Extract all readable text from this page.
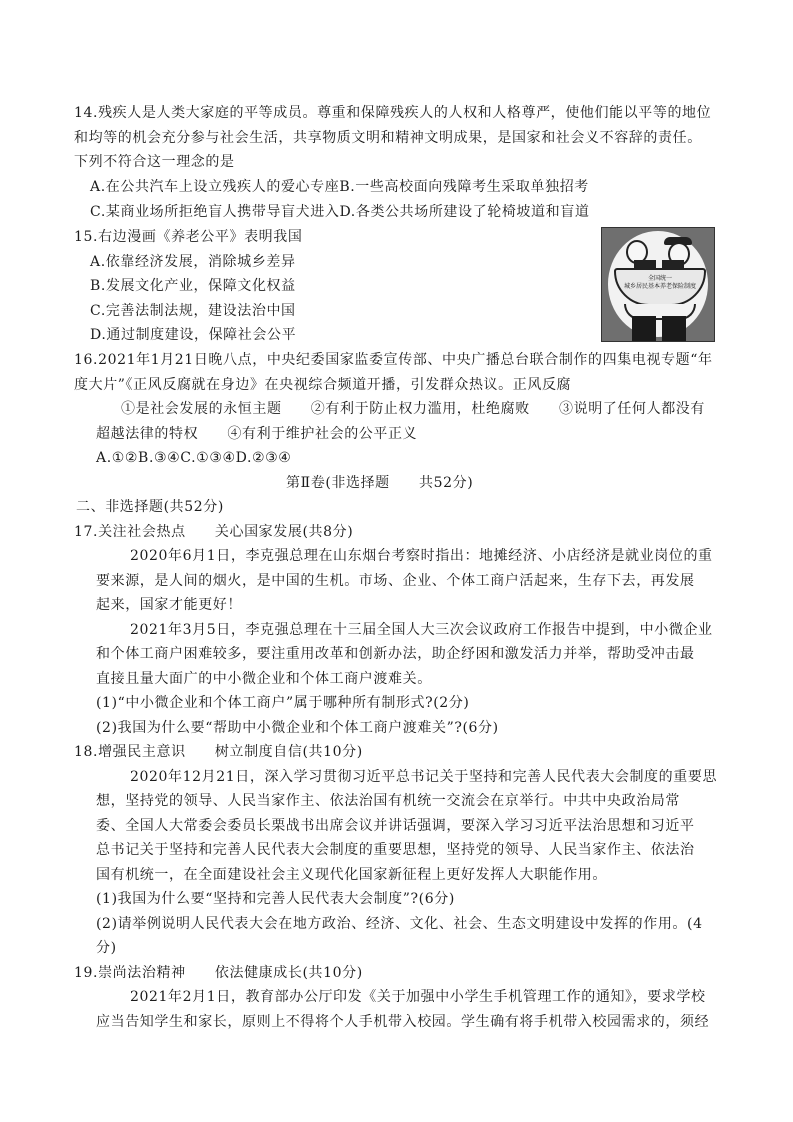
14.残疾人是人类大家庭的平等成员。尊重和保障残疾人的人权和人格尊严，使他们能以平等的地位
和均等的机会充分参与社会生活，共享物质文明和精神文明成果，是国家和社会义不容辞的责任。
下列不符合这一理念的是
A.在公共汽车上设立残疾人的爱心专座B.一些高校面向残障考生采取单独招考
C.某商业场所拒绝盲人携带导盲犬进入D.各类公共场所建设了轮椅坡道和盲道
15.右边漫画《养老公平》表明我国
A.依靠经济发展，消除城乡差异
B.发展文化产业，保障文化权益
C.完善法制法规，建设法治中国
D.通过制度建设，保障社会公平
全国统一
城乡居民基本养老保险制度
16.2021年1月21日晚八点，中央纪委国家监委宣传部、中央广播总台联合制作的四集电视专题“年
度大片”《正风反腐就在身边》在央视综合频道开播，引发群众热议。正风反腐
①是社会发展的永恒主题　　②有利于防止权力滥用，杜绝腐败　　③说明了任何人都没有
超越法律的特权　　④有利于维护社会的公平正义
A.①②B.③④C.①③④D.②③④
第Ⅱ卷(非选择题　　共52分)
二、非选择题(共52分)
17.关注社会热点　　关心国家发展(共8分)
2020年6月1日，李克强总理在山东烟台考察时指出：地摊经济、小店经济是就业岗位的重
要来源，是人间的烟火，是中国的生机。市场、企业、个体工商户活起来，生存下去，再发展
起来，国家才能更好！
2021年3月5日，李克强总理在十三届全国人大三次会议政府工作报告中提到，中小微企业
和个体工商户困难较多，要注重用改革和创新办法，助企纾困和激发活力并举，帮助受冲击最
直接且量大面广的中小微企业和个体工商户渡难关。
(1)“中小微企业和个体工商户”属于哪种所有制形式?(2分)
(2)我国为什么要“帮助中小微企业和个体工商户渡难关”?(6分)
18.增强民主意识　　树立制度自信(共10分)
2020年12月21日，深入学习贯彻习近平总书记关于坚持和完善人民代表大会制度的重要思
想，坚持党的领导、人民当家作主、依法治国有机统一交流会在京举行。中共中央政治局常
委、全国人大常委会委员长栗战书出席会议并讲话强调，要深入学习习近平法治思想和习近平
总书记关于坚持和完善人民代表大会制度的重要思想，坚持党的领导、人民当家作主、依法治
国有机统一，在全面建设社会主义现代化国家新征程上更好发挥人大职能作用。
(1)我国为什么要“坚持和完善人民代表大会制度”?(6分)
(2)请举例说明人民代表大会在地方政治、经济、文化、社会、生态文明建设中发挥的作用。(4
分)
19.崇尚法治精神　　依法健康成长(共10分)
2021年2月1日，教育部办公厅印发《关于加强中小学生手机管理工作的通知》，要求学校
应当告知学生和家长，原则上不得将个人手机带入校园。学生确有将手机带入校园需求的，须经
